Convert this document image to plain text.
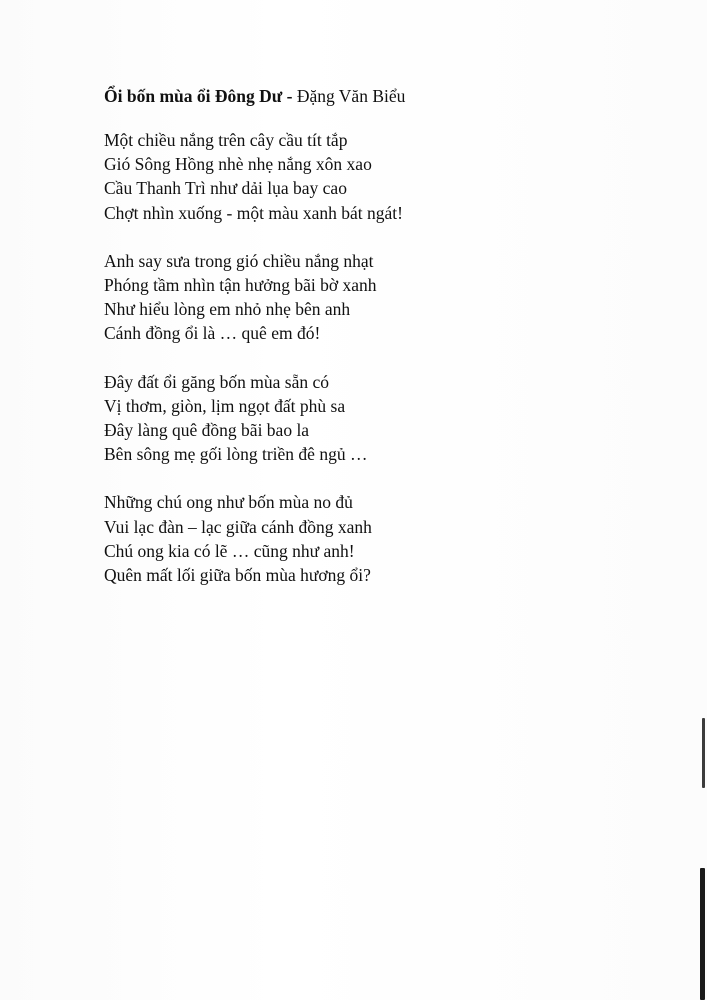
Ổi bốn mùa ổi Đông Dư - Đặng Văn Biểu
Một chiều nắng trên cây cầu tít tắp
Gió Sông Hồng nhè nhẹ nắng xôn xao
Cầu Thanh Trì như dải lụa bay cao
Chợt nhìn xuống - một màu xanh bát ngát!
Anh say sưa trong gió chiều nắng nhạt
Phóng tầm nhìn tận hưởng bãi bờ xanh
Như hiểu lòng em nhỏ nhẹ bên anh
Cánh đồng ổi là … quê em đó!
Đây đất ổi găng bốn mùa sẵn có
Vị thơm, giòn, lịm ngọt đất phù sa
Đây làng quê đồng bãi bao la
Bên sông mẹ gối lòng triền đê ngủ …
Những chú ong như bốn mùa no đủ
Vui lạc đàn – lạc giữa cánh đồng xanh
Chú ong kia có lẽ … cũng như anh!
Quên mất lối giữa bốn mùa hương ổi?
